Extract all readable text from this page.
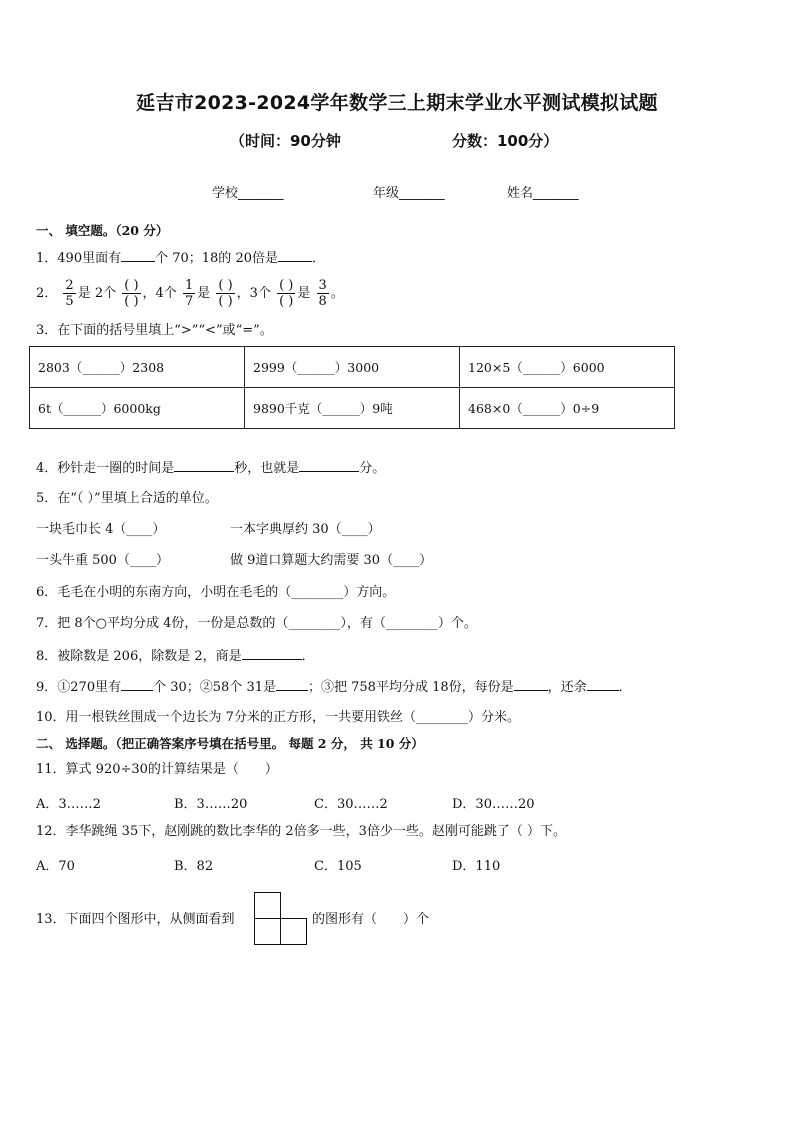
延吉市2023-2024学年数学三上期末学业水平测试模拟试题
（时间：90分钟	分数：100分）
学校_______	年级_______	姓名_______
一、 填空题。（20 分）
1．490里面有	个 70；18的 20倍是	．
2． $\frac{2}{5}$ 是 2个 $\frac{( )}{( )}$ ，4个 $\frac{1}{7}$ 是 $\frac{( )}{( )}$ ，3个 $\frac{( )}{( )}$ 是 $\frac{3}{8}$ 。
3．在下面的括号里填上“>”“<”或“=”。
2803（______）2308	2999（______）3000	120×5（______）6000
6t（______）6000kg	9890千克（______）9吨	468×0（______）0÷9
4．秒针走一圈的时间是	秒，也就是	分。
5．在“（ ）”里填上合适的单位。
一块毛巾长 4（____）	一本字典厚约 30（____）
一头牛重 500（____）	做 9道口算题大约需要 30（____）
6．毛毛在小明的东南方向，小明在毛毛的（________）方向。
7．把 8个○平均分成 4份，一份是总数的（________），有（________）个。
8．被除数是 206，除数是 2，商是	．
9．①270里有 个 30；②58个 31是 ；③把 758平均分成 18份，每份是	，还余 ．
10．用一根铁丝围成一个边长为 7分米的正方形，一共要用铁丝（________）分米。
二、 选择题。（把正确答案序号填在括号里。 每题 2 分， 共 10 分）
11．算式 920÷30的计算结果是（　　）
A．3……2	B．3……20	C．30……2	D．30……20
12．李华跳绳 35下，赵刚跳的数比李华的 2倍多一些，3倍少一些。赵刚可能跳了（ ）下。
A．70	B．82	C．105	D．110
13．下面四个图形中，从侧面看到	的图形有（　　）个
